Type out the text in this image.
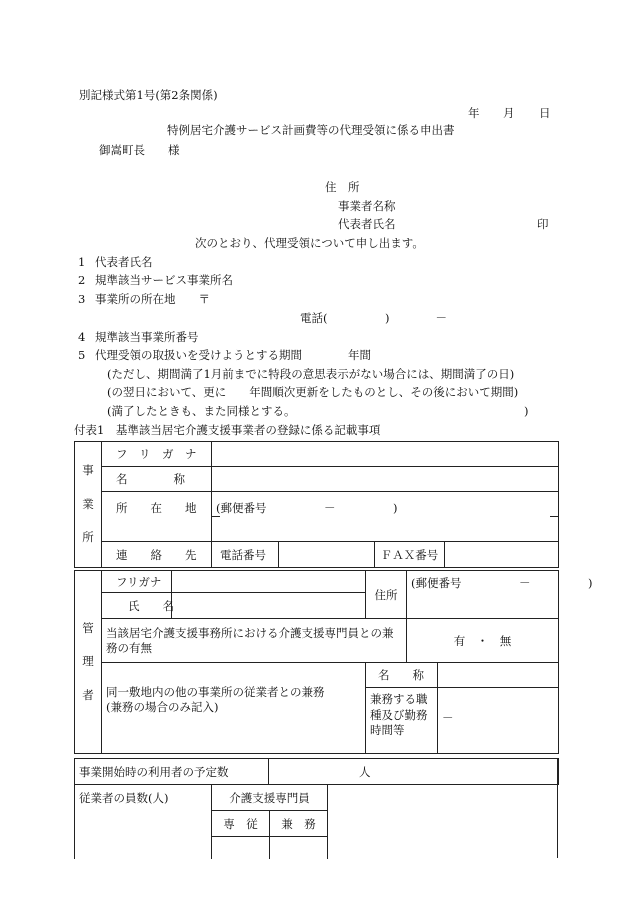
別記様式第1号(第2条関係)
年 月 日
特例居宅介護サービス計画費等の代理受領に係る申出書
御嵩町長　　様
住　所
事業者名称
代表者氏名	印
次のとおり、代理受領について申し出ます。
1 代表者氏名
2 規準該当サービス事業所名
3 事業所の所在地　　〒
電話(　　　　　)　　　　－
4 規準該当事業所番号
5 代理受領の取扱いを受けようとする期間　　　　年間
(ただし、期間満了1月前までに特段の意思表示がない場合には、期間満了の日)
(の翌日において、更に　　年間順次更新をしたものとし、その後において期間)
(満了したときも、また同様とする。	)
付表1　基準該当居宅介護支援事業者の登録に係る記載事項
事
業
所	フ　リ　ガ　ナ				
	名　　　　称				
	所　　在　　地	(郵便番号　　　　　－　　　　　)			

	連　　絡　　先	電話番号		ＦＡＸ番号	
管
理
者	フリガナ		住所	(郵便番号　　　　　－　　　　　)	
	氏　　名				
	当該居宅介護支援事務所における介護支援専門員との兼務の有無			有　・　無	
	同一敷地内の他の事業所の従業者との兼務
(兼務の場合のみ記入)		名　　称		
			兼務する職種及び勤務時間等		－
事業開始時の利用者の予定数	人
従業者の員数(人)	介護支援専門員		
	専　従	兼　務	
